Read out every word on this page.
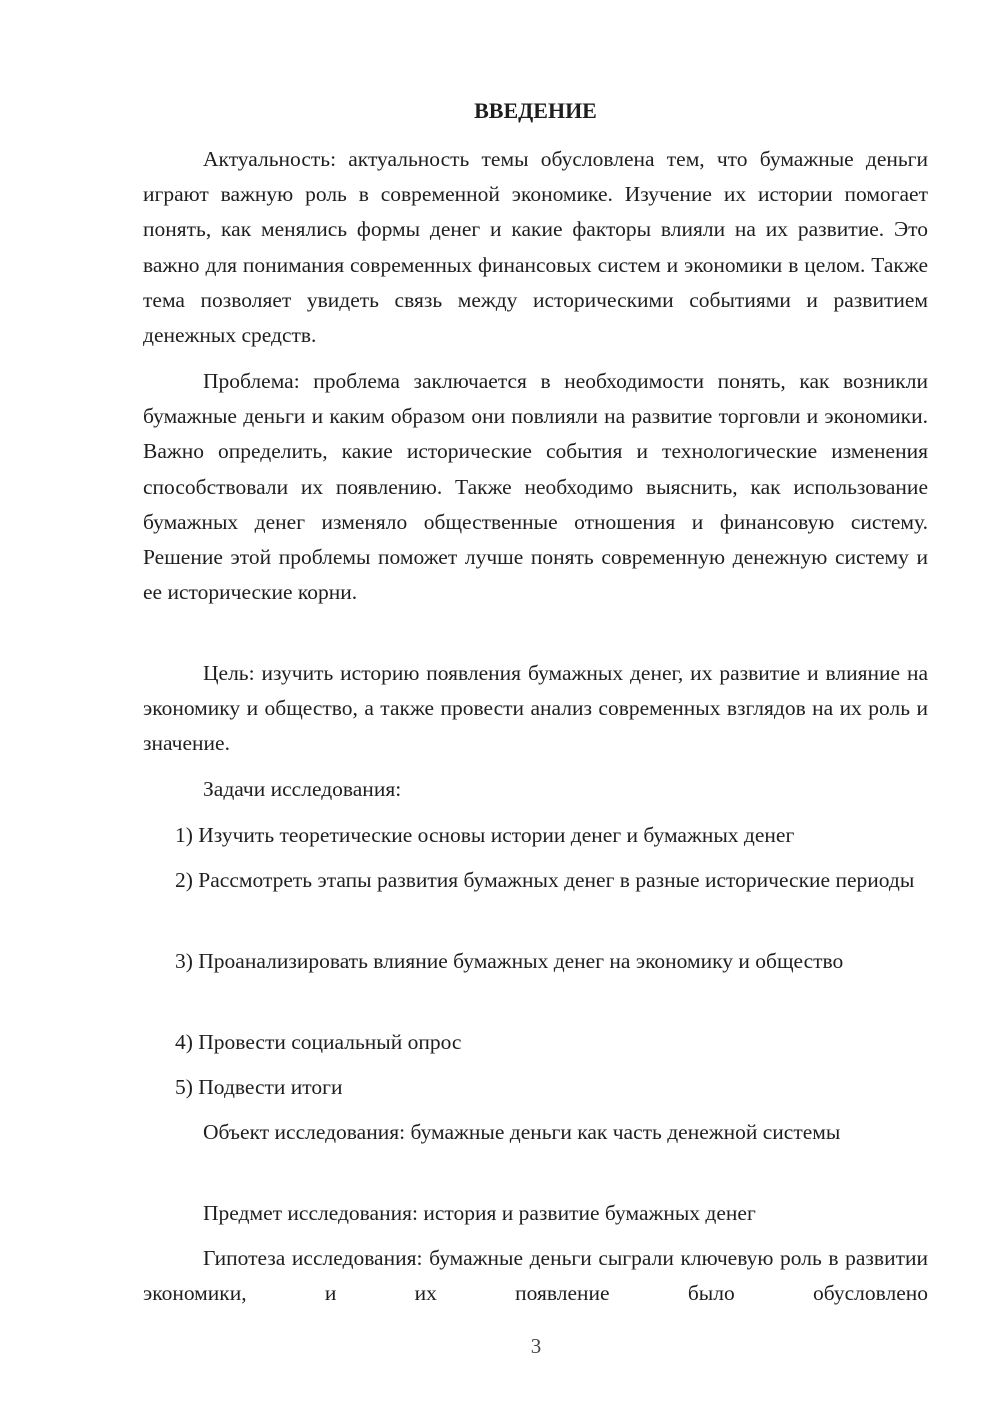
ВВЕДЕНИЕ

Актуальность: актуальность темы обусловлена тем, что бумажные деньги играют важную роль в современной экономике. Изучение их истории помогает понять, как менялись формы денег и какие факторы влияли на их развитие. Это важно для понимания современных финансовых систем и экономики в целом. Также тема позволяет увидеть связь между историческими событиями и развитием денежных средств.

Проблема: проблема заключается в необходимости понять, как возникли бумажные деньги и каким образом они повлияли на развитие торговли и экономики. Важно определить, какие исторические события и технологические изменения способствовали их появлению. Также необходимо выяснить, как использование бумажных денег изменяло общественные отношения и финансовую систему. Решение этой проблемы поможет лучше понять современную денежную систему и ее исторические корни.

Цель: изучить историю появления бумажных денег, их развитие и влияние на экономику и общество, а также провести анализ современных взглядов на их роль и значение.

Задачи исследования:

1) Изучить теоретические основы истории денег и бумажных денег

2) Рассмотреть этапы развития бумажных денег в разные исторические периоды

3) Проанализировать влияние бумажных денег на экономику и общество

4) Провести социальный опрос

5) Подвести итоги

Объект исследования: бумажные деньги как часть денежной системы

Предмет исследования: история и развитие бумажных денег

Гипотеза исследования: бумажные деньги сыграли ключевую роль в развитии экономики, и их появление было обусловлено

3
